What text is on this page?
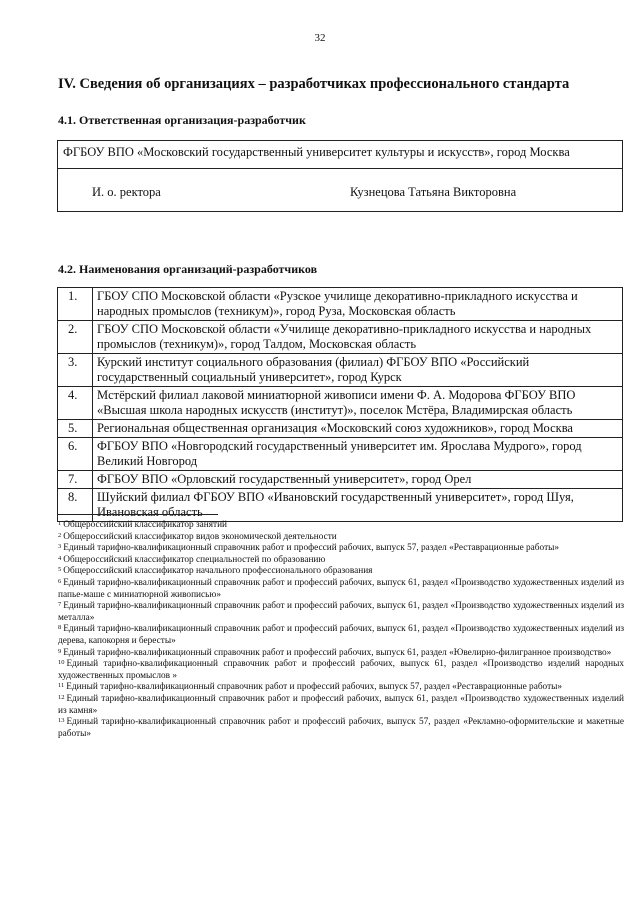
32
IV. Сведения об организациях – разработчиках профессионального стандарта
4.1. Ответственная организация-разработчик
ФГБОУ ВПО «Московский государственный университет культуры и искусств», город Москва
И. о. ректора	Кузнецова Татьяна Викторовна
4.2. Наименования организаций-разработчиков
1.	ГБОУ СПО Московской области «Рузское училище декоративно-прикладного искусства и народных промыслов (техникум)», город Руза, Московская область
2.	ГБОУ СПО Московской области «Училище декоративно-прикладного искусства и народных промыслов (техникум)», город Талдом, Московская область
3.	Курский институт социального образования (филиал) ФГБОУ ВПО «Российский государственный социальный университет», город Курск
4.	Мстёрский филиал лаковой миниатюрной живописи имени Ф. А. Модорова ФГБОУ ВПО «Высшая школа народных искусств (институт)», поселок Мстёра, Владимирская область
5.	Региональная общественная организация «Московский союз художников», город Москва
6.	ФГБОУ ВПО «Новгородский государственный университет им. Ярослава Мудрого», город Великий Новгород
7.	ФГБОУ ВПО «Орловский государственный университет», город Орел
8.	Шуйский филиал ФГБОУ ВПО «Ивановский государственный университет», город Шуя, Ивановская область
$^1$ Общероссийский классификатор занятий
$^2$ Общероссийский классификатор видов экономической деятельности
$^3$ Единый тарифно-квалификационный справочник работ и профессий рабочих, выпуск 57, раздел «Реставрационные работы»
$^4$ Общероссийский классификатор специальностей по образованию
$^5$ Общероссийский классификатор начального профессионального образования
$^6$ Единый тарифно-квалификационный справочник работ и профессий рабочих, выпуск 61, раздел «Производство художественных изделий из папье-маше с миниатюрной живописью»
$^7$ Единый тарифно-квалификационный справочник работ и профессий рабочих, выпуск 61, раздел «Производство художественных изделий из металла»
$^8$ Единый тарифно-квалификационный справочник работ и профессий рабочих, выпуск 61, раздел «Производство художественных изделий из дерева, капокорня и бересты»
$^9$ Единый тарифно-квалификационный справочник работ и профессий рабочих, выпуск 61, раздел «Ювелирно-филигранное производство»
$^{10}$ Единый тарифно-квалификационный справочник работ и профессий рабочих, выпуск 61, раздел «Производство изделий народных художественных промыслов »
$^{11}$ Единый тарифно-квалификационный справочник работ и профессий рабочих, выпуск 57, раздел «Реставрационные работы»
$^{12}$ Единый тарифно-квалификационный справочник работ и профессий рабочих, выпуск 61, раздел «Производство художественных изделий из камня»
$^{13}$ Единый тарифно-квалификационный справочник работ и профессий рабочих, выпуск 57, раздел «Рекламно-оформительские и макетные работы»
